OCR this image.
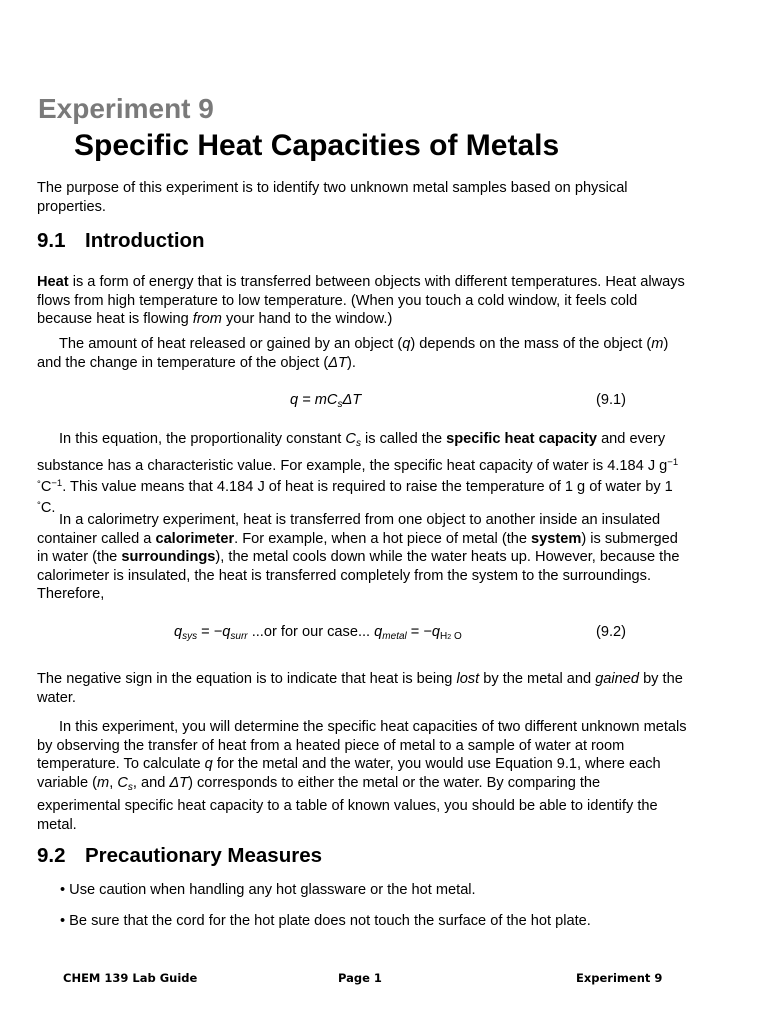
Experiment 9
Specific Heat Capacities of Metals
The purpose of this experiment is to identify two unknown metal samples based on physical properties.
9.1 Introduction
Heat is a form of energy that is transferred between objects with different temperatures. Heat always flows from high temperature to low temperature. (When you touch a cold window, it feels cold because heat is flowing from your hand to the window.)
The amount of heat released or gained by an object (q) depends on the mass of the object (m) and the change in temperature of the object (ΔT).
$q = mC_s\Delta T$	(9.1)
In this equation, the proportionality constant $C_s$ is called the specific heat capacity and every substance has a characteristic value. For example, the specific heat capacity of water is 4.184 J $g^{-1}$ $^\circ C^{-1}$. This value means that 4.184 J of heat is required to raise the temperature of 1 g of water by 1 °C.
In a calorimetry experiment, heat is transferred from one object to another inside an insulated container called a calorimeter. For example, when a hot piece of metal (the system) is submerged in water (the surroundings), the metal cools down while the water heats up. However, because the calorimeter is insulated, the heat is transferred completely from the system to the surroundings. Therefore,
$q_{sys} = -q_{surr}$ ...or for our case... $q_{metal} = -q_{H2 O}$	(9.2)
The negative sign in the equation is to indicate that heat is being lost by the metal and gained by the water.
In this experiment, you will determine the specific heat capacities of two different unknown metals by observing the transfer of heat from a heated piece of metal to a sample of water at room temperature. To calculate q for the metal and the water, you would use Equation 9.1, where each variable (m, $C_s$, and ΔT) corresponds to either the metal or the water. By comparing the experimental specific heat capacity to a table of known values, you should be able to identify the metal.
9.2 Precautionary Measures
• Use caution when handling any hot glassware or the hot metal.
• Be sure that the cord for the hot plate does not touch the surface of the hot plate.
CHEM 139 Lab Guide	Page 1	Experiment 9
